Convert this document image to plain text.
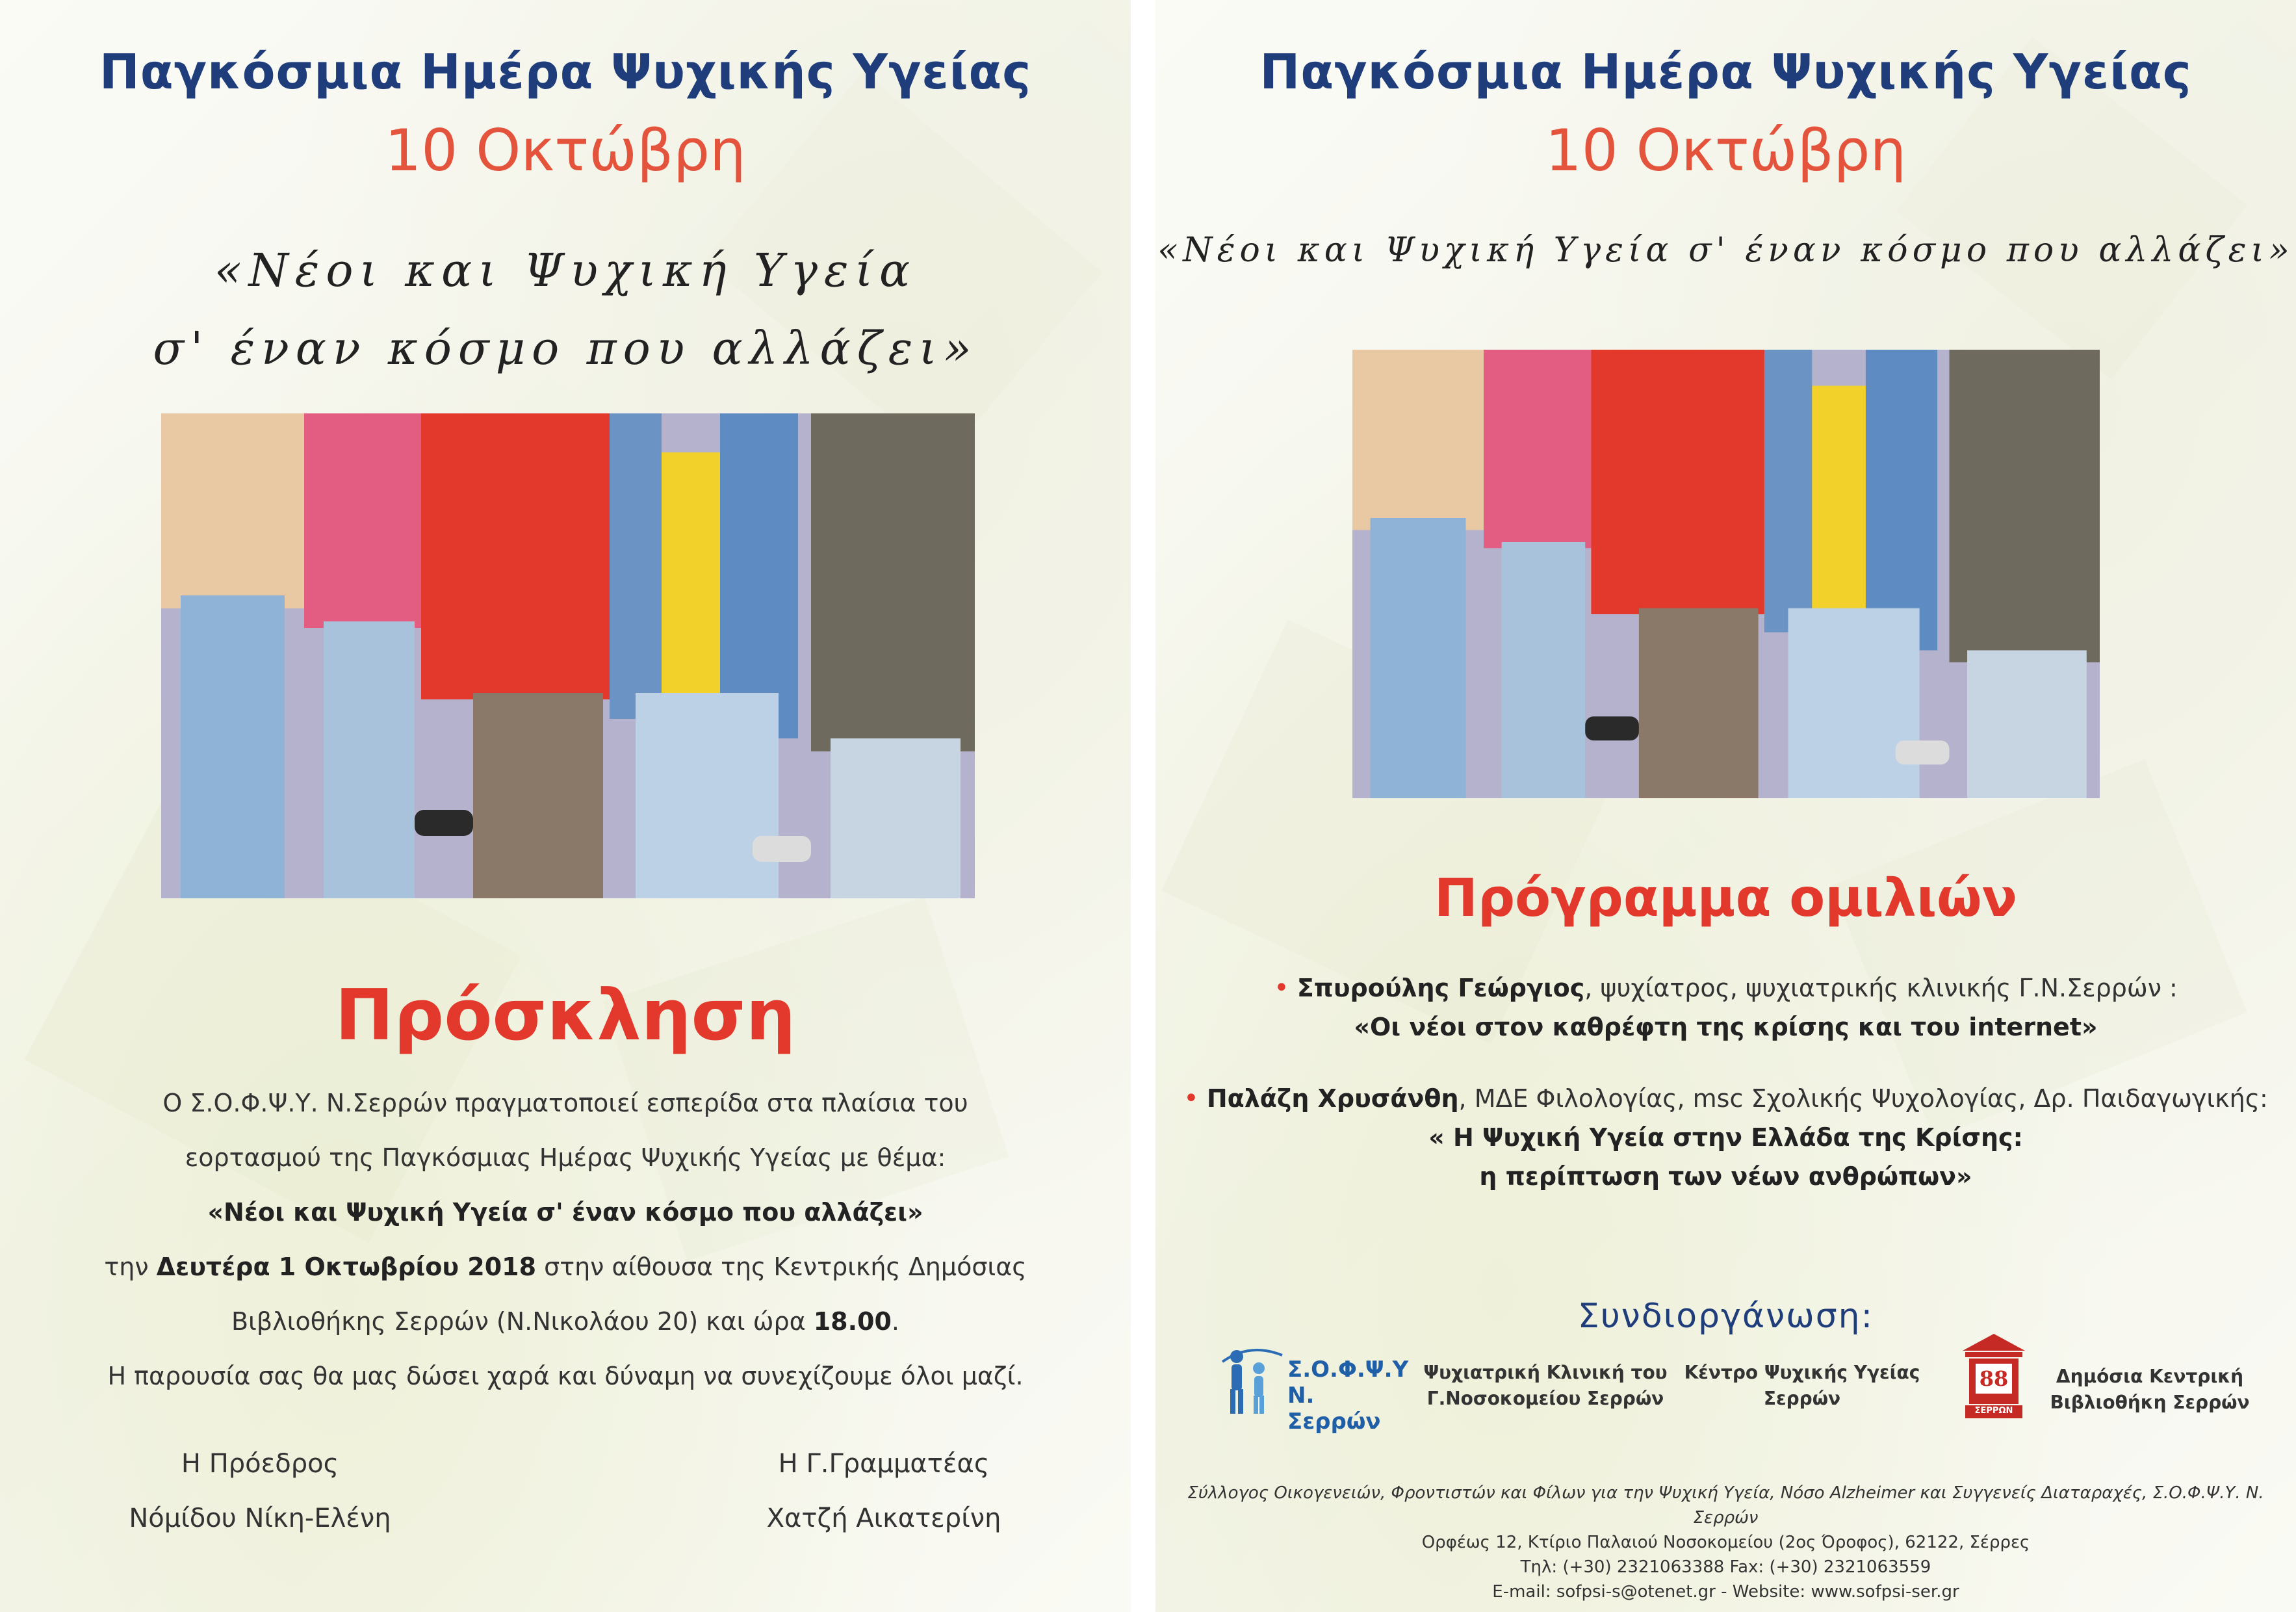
Παγκόσμια Ημέρα Ψυχικής Υγείας
10 Οκτώβρη
«Νέοι και Ψυχική Υγεία
σ' έναν κόσμο που αλλάζει»
Πρόσκληση
Ο Σ.Ο.Φ.Ψ.Υ. Ν.Σερρών πραγματοποιεί εσπερίδα στα πλαίσια του
εορτασμού της Παγκόσμιας Ημέρας Ψυχικής Υγείας με θέμα:
«Νέοι και Ψυχική Υγεία σ' έναν κόσμο που αλλάζει»
την Δευτέρα 1 Οκτωβρίου 2018 στην αίθουσα της Κεντρικής Δημόσιας
Βιβλιοθήκης Σερρών (Ν.Νικολάου 20) και ώρα 18.00.
Η παρουσία σας θα μας δώσει χαρά και δύναμη να συνεχίζουμε όλοι μαζί.
Η Πρόεδρος
Νόμίδου Νίκη-Ελένη
Η Γ.Γραμματέας
Χατζή Αικατερίνη
Παγκόσμια Ημέρα Ψυχικής Υγείας
10 Οκτώβρη
«Νέοι και Ψυχική Υγεία σ' έναν κόσμο που αλλάζει»
Πρόγραμμα ομιλιών
• Σπυρούλης Γεώργιος, ψυχίατρος, ψυχιατρικής κλινικής Γ.Ν.Σερρών :
«Οι νέοι στον καθρέφτη της κρίσης και του internet»
• Παλάζη Χρυσάνθη, ΜΔΕ Φιλολογίας, msc Σχολικής Ψυχολογίας, Δρ. Παιδαγωγικής:
« Η Ψυχική Υγεία στην Ελλάδα της Κρίσης:
η περίπτωση των νέων ανθρώπων»
Συνδιοργάνωση:
Σ.Ο.Φ.Ψ.Υ
Ν. Σερρών
Ψυχιατρική Κλινική του
Γ.Νοσοκομείου Σερρών
Κέντρο Ψυχικής Υγείας
Σερρών
88
ΣΕΡΡΩΝ
Δημόσια Κεντρική
Βιβλιοθήκη Σερρών
Σύλλογος Οικογενειών, Φροντιστών και Φίλων για την Ψυχική Υγεία, Νόσο Alzheimer και Συγγενείς Διαταραχές, Σ.Ο.Φ.Ψ.Υ. Ν. Σερρών
Ορφέως 12, Κτίριο Παλαιού Νοσοκομείου (2ος Όροφος), 62122, Σέρρες
Τηλ: (+30) 2321063388 Fax: (+30) 2321063559
E-mail: sofpsi-s@otenet.gr - Website: www.sofpsi-ser.gr
